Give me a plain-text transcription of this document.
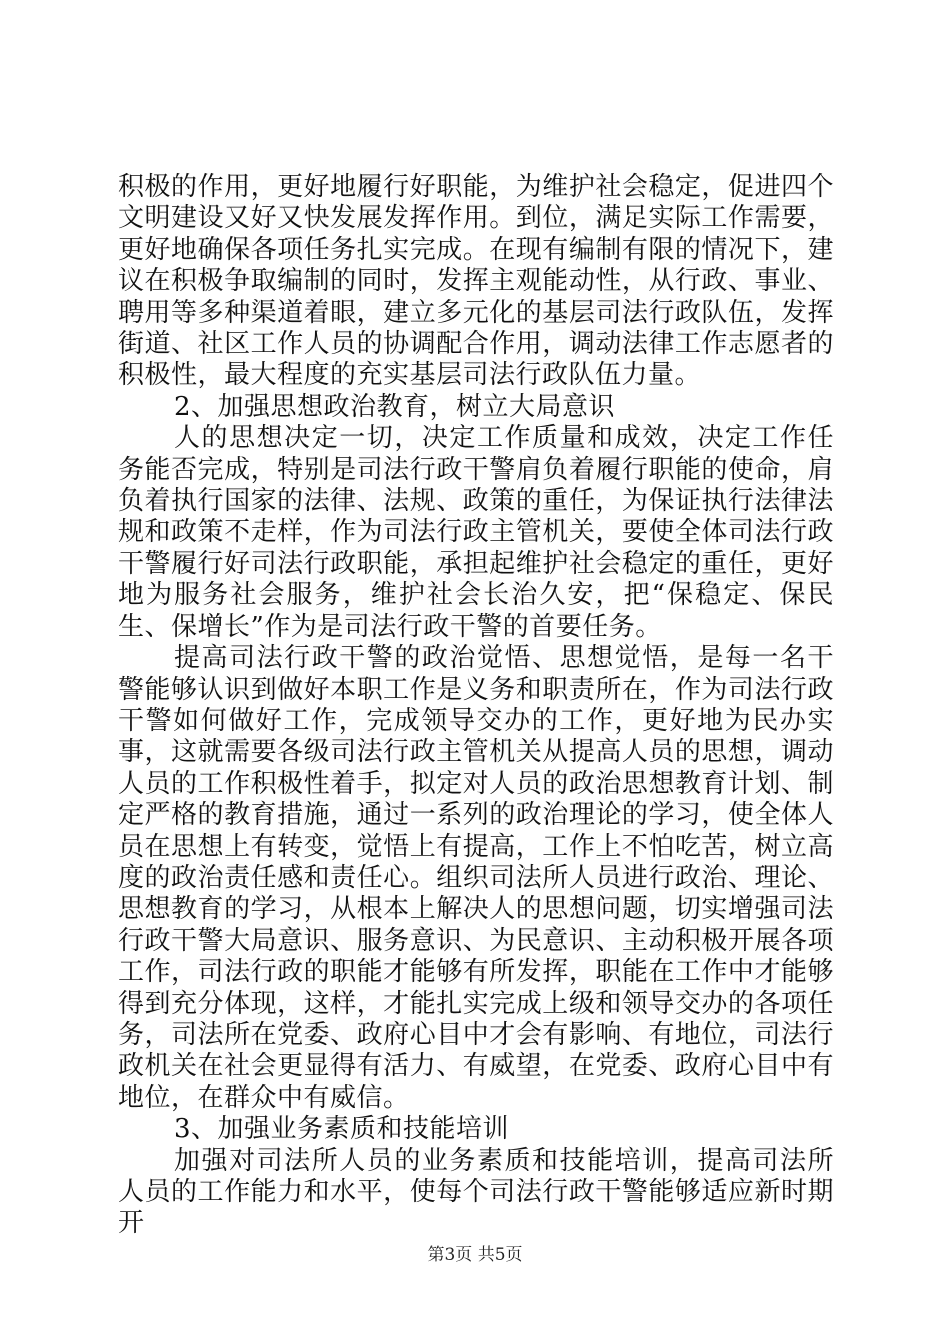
积极的作用，更好地履行好职能，为维护社会稳定，促进四个文明建设又好又快发展发挥作用。到位，满足实际工作需要，更好地确保各项任务扎实完成。在现有编制有限的情况下，建议在积极争取编制的同时，发挥主观能动性，从行政、事业、聘用等多种渠道着眼，建立多元化的基层司法行政队伍，发挥街道、社区工作人员的协调配合作用，调动法律工作志愿者的积极性，最大程度的充实基层司法行政队伍力量。

2、加强思想政治教育，树立大局意识

人的思想决定一切，决定工作质量和成效，决定工作任务能否完成，特别是司法行政干警肩负着履行职能的使命，肩负着执行国家的法律、法规、政策的重任，为保证执行法律法规和政策不走样，作为司法行政主管机关，要使全体司法行政干警履行好司法行政职能，承担起维护社会稳定的重任，更好地为服务社会服务，维护社会长治久安，把“保稳定、保民生、保增长”作为是司法行政干警的首要任务。

提高司法行政干警的政治觉悟、思想觉悟，是每一名干警能够认识到做好本职工作是义务和职责所在，作为司法行政干警如何做好工作，完成领导交办的工作，更好地为民办实事，这就需要各级司法行政主管机关从提高人员的思想，调动人员的工作积极性着手，拟定对人员的政治思想教育计划、制定严格的教育措施，通过一系列的政治理论的学习，使全体人员在思想上有转变，觉悟上有提高，工作上不怕吃苦，树立高度的政治责任感和责任心。组织司法所人员进行政治、理论、思想教育的学习，从根本上解决人的思想问题，切实增强司法行政干警大局意识、服务意识、为民意识、主动积极开展各项工作，司法行政的职能才能够有所发挥，职能在工作中才能够得到充分体现，这样，才能扎实完成上级和领导交办的各项任务，司法所在党委、政府心目中才会有影响、有地位，司法行政机关在社会更显得有活力、有威望，在党委、政府心目中有地位，在群众中有威信。

3、加强业务素质和技能培训

加强对司法所人员的业务素质和技能培训，提高司法所人员的工作能力和水平，使每个司法行政干警能够适应新时期开

第3页 共5页
